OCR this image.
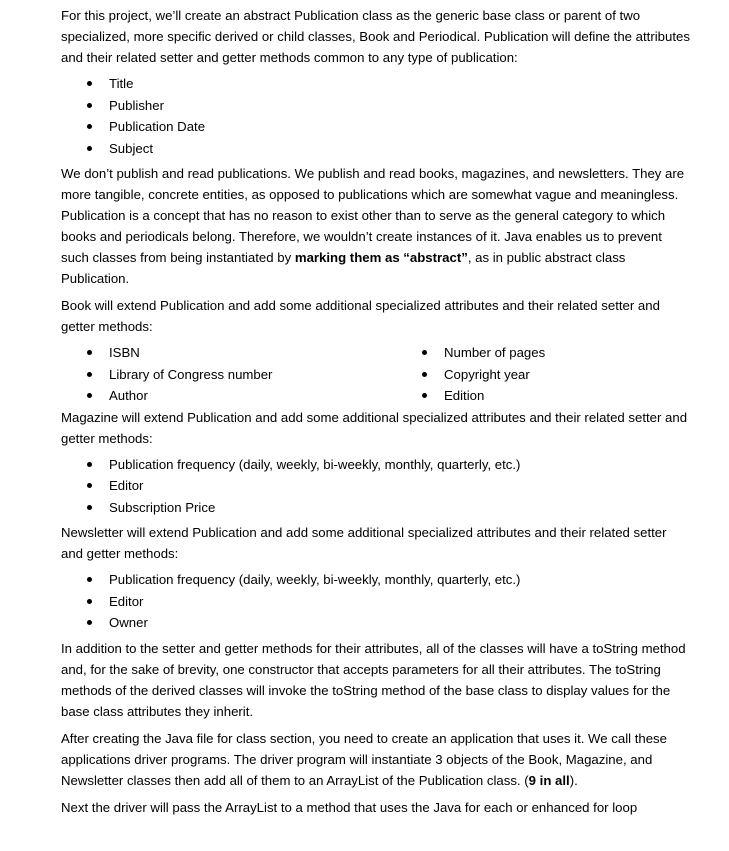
For this project, we’ll create an abstract Publication class as the generic base class or parent of two specialized, more specific derived or child classes, Book and Periodical. Publication will define the attributes and their related setter and getter methods common to any type of publication:

Title
Publisher
Publication Date
Subject

We don’t publish and read publications. We publish and read books, magazines, and newsletters. They are more tangible, concrete entities, as opposed to publications which are somewhat vague and meaningless. Publication is a concept that has no reason to exist other than to serve as the general category to which books and periodicals belong. Therefore, we wouldn’t create instances of it. Java enables us to prevent such classes from being instantiated by marking them as “abstract”, as in public abstract class Publication.

Book will extend Publication and add some additional specialized attributes and their related setter and getter methods:

ISBN
Library of Congress number
Author
Number of pages
Copyright year
Edition

Magazine will extend Publication and add some additional specialized attributes and their related setter and getter methods:

Publication frequency (daily, weekly, bi-weekly, monthly, quarterly, etc.)
Editor
Subscription Price

Newsletter will extend Publication and add some additional specialized attributes and their related setter and getter methods:

Publication frequency (daily, weekly, bi-weekly, monthly, quarterly, etc.)
Editor
Owner

In addition to the setter and getter methods for their attributes, all of the classes will have a toString method and, for the sake of brevity, one constructor that accepts parameters for all their attributes. The toString methods of the derived classes will invoke the toString method of the base class to display values for the base class attributes they inherit.

After creating the Java file for class section, you need to create an application that uses it. We call these applications driver programs. The driver program will instantiate 3 objects of the Book, Magazine, and Newsletter classes then add all of them to an ArrayList of the Publication class. (9 in all).

Next the driver will pass the ArrayList to a method that uses the Java for each or enhanced for loop
